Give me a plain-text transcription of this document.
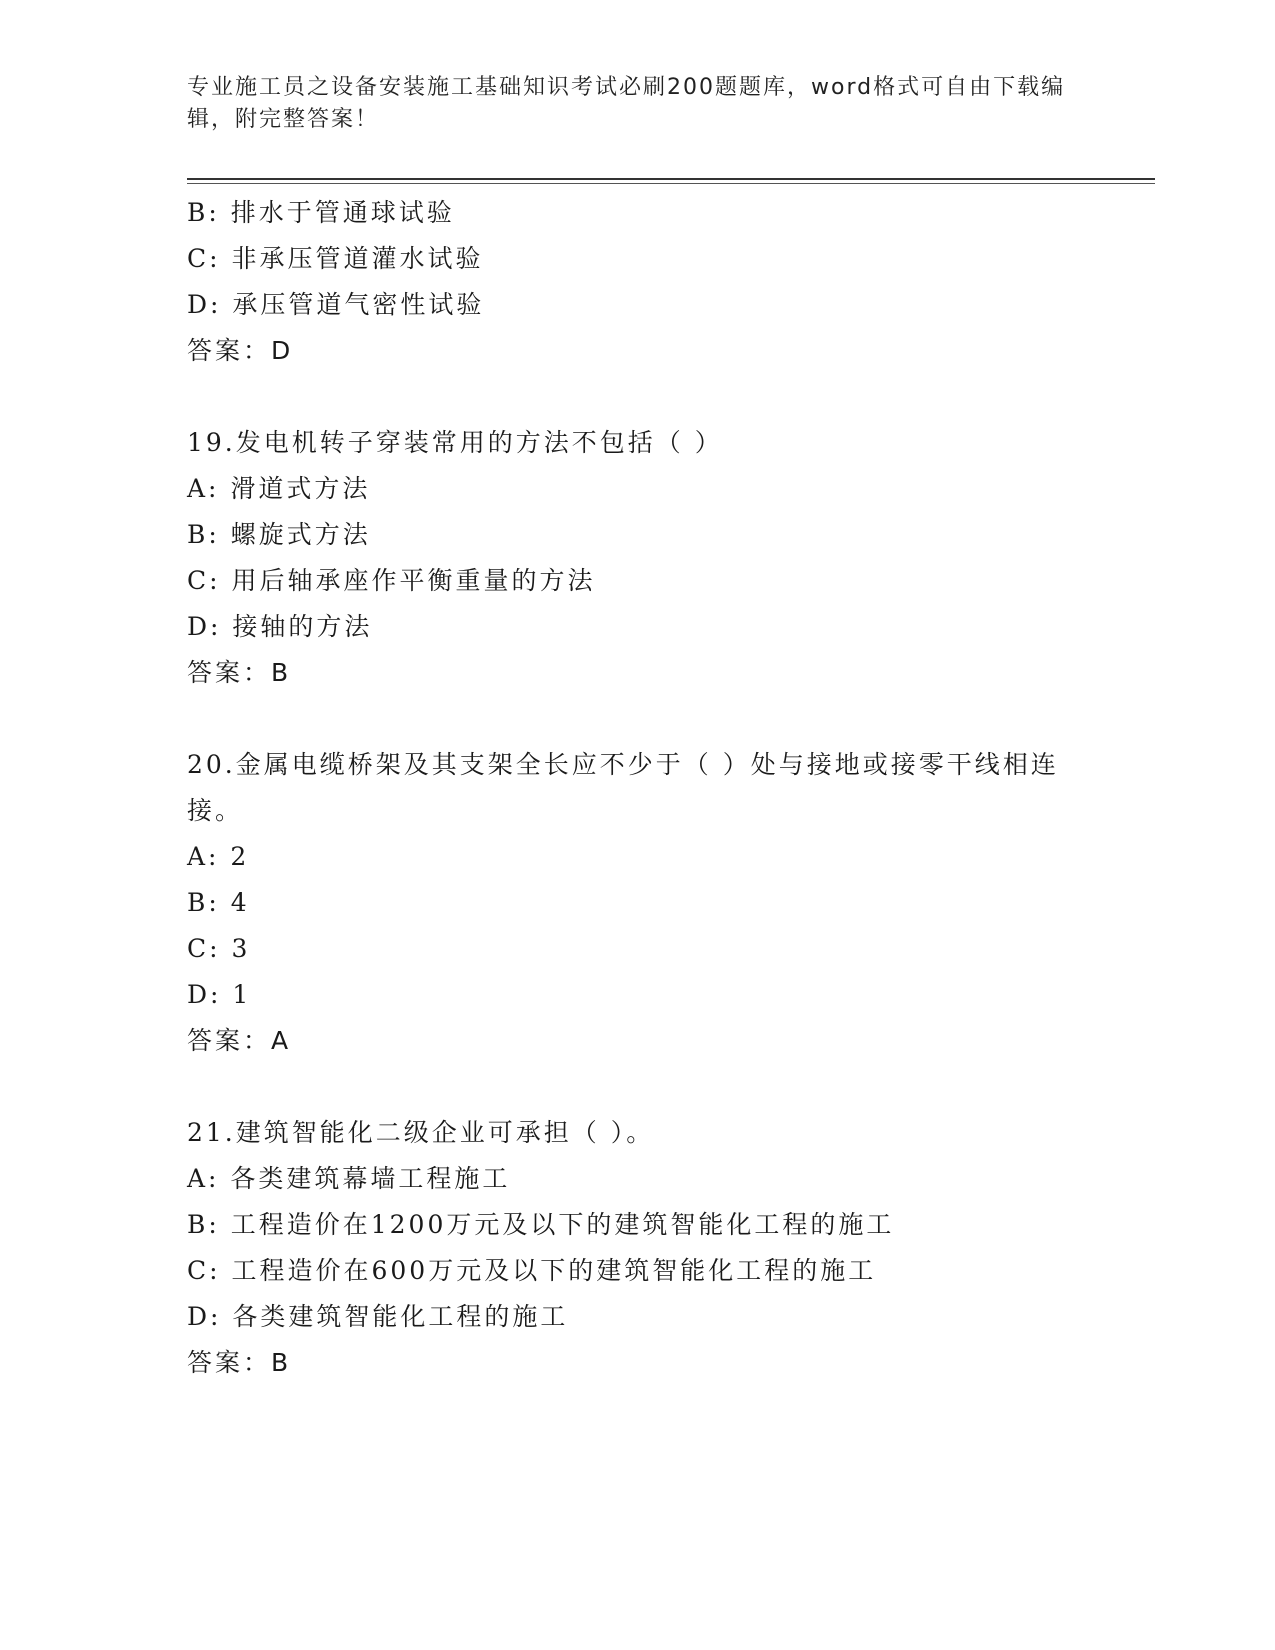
专业施工员之设备安装施工基础知识考试必刷200题题库，word格式可自由下载编辑，附完整答案！
B: 排水于管通球试验
C: 非承压管道灌水试验
D: 承压管道气密性试验
答案：D
19.发电机转子穿装常用的方法不包括（ ）
A: 滑道式方法
B: 螺旋式方法
C: 用后轴承座作平衡重量的方法
D: 接轴的方法
答案：B
20.金属电缆桥架及其支架全长应不少于（ ）处与接地或接零干线相连接。
A: 2
B: 4
C: 3
D: 1
答案：A
21.建筑智能化二级企业可承担（ ）。
A: 各类建筑幕墙工程施工
B: 工程造价在1200万元及以下的建筑智能化工程的施工
C: 工程造价在600万元及以下的建筑智能化工程的施工
D: 各类建筑智能化工程的施工
答案：B
